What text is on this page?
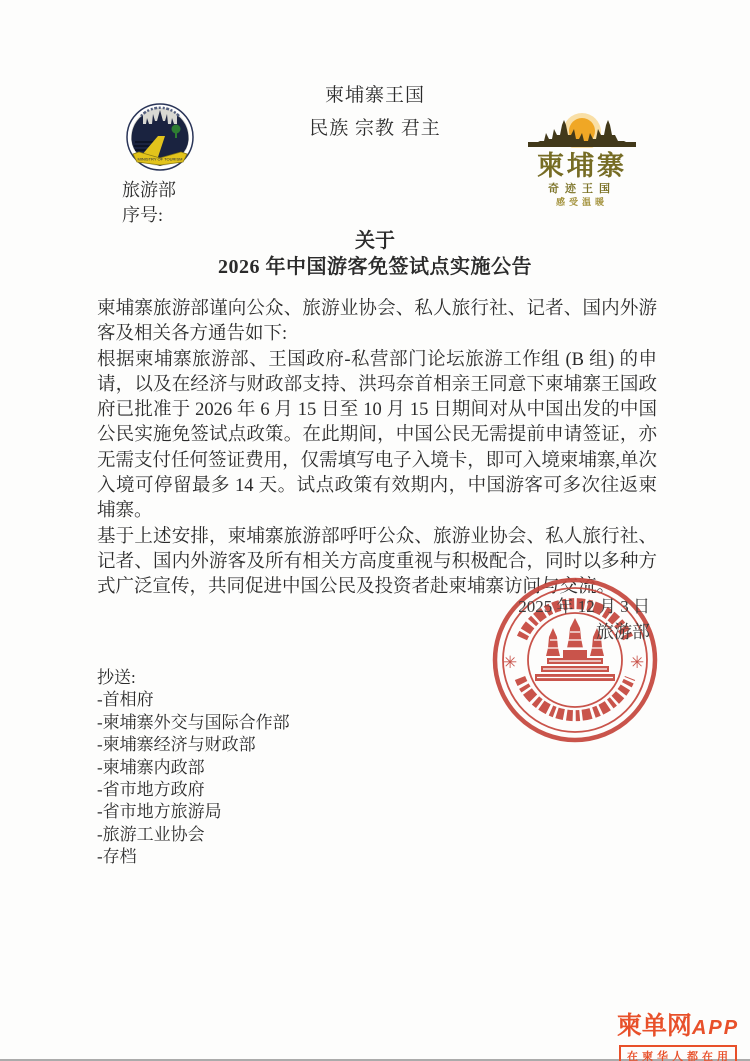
柬埔寨王国
民族 宗教 君主
MINISTRY OF TOURISM
旅游部
序号:
柬埔寨
奇迹王国
感受温暖
关于
2026 年中国游客免签试点实施公告

柬埔寨旅游部谨向公众、旅游业协会、私人旅行社、记者、国内外游客及相关各方通告如下:

根据柬埔寨旅游部、王国政府-私营部门论坛旅游工作组 (B 组) 的申请，以及在经济与财政部支持、洪玛奈首相亲王同意下柬埔寨王国政府已批准于 2026 年 6 月 15 日至 10 月 15 日期间对从中国出发的中国公民实施免签试点政策。在此期间，中国公民无需提前申请签证，亦无需支付任何签证费用，仅需填写电子入境卡，即可入境柬埔寨,单次入境可停留最多 14 天。试点政策有效期内，中国游客可多次往返柬埔寨。

基于上述安排，柬埔寨旅游部呼吁公众、旅游业协会、私人旅行社、记者、国内外游客及所有相关方高度重视与积极配合，同时以多种方式广泛宣传，共同促进中国公民及投资者赴柬埔寨访问与交流。

✳	✳
2025 年 12 月 3 日
旅游部
抄送:
-首相府
-柬埔寨外交与国际合作部
-柬埔寨经济与财政部
-柬埔寨内政部
-省市地方政府
-省市地方旅游局
-旅游工业协会
-存档
柬单网APP
在柬华人都在用
